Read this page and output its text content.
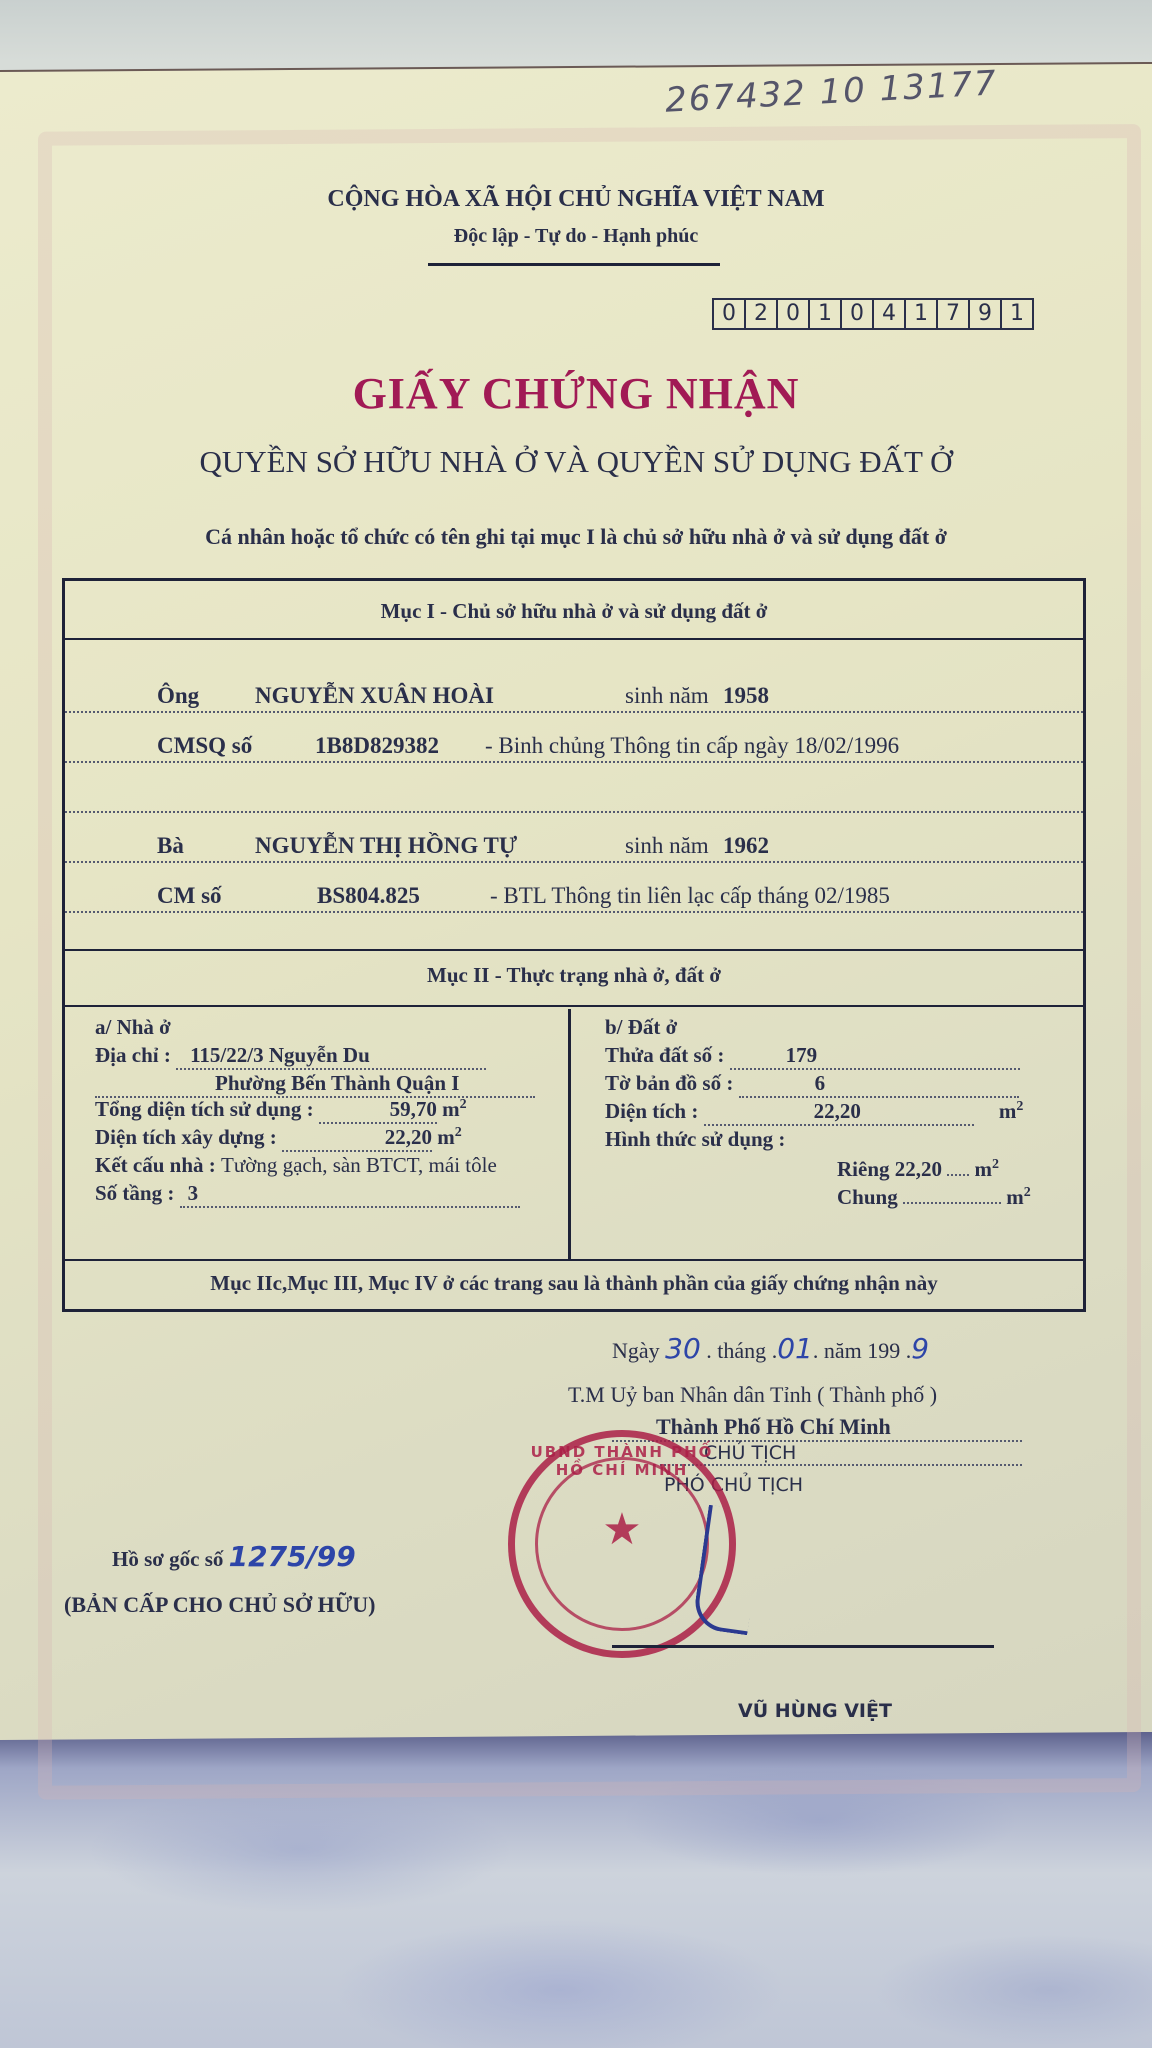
267432 10 13177
CỘNG HÒA XÃ HỘI CHỦ NGHĨA VIỆT NAM
Độc lập - Tự do - Hạnh phúc
0 2 0 1 0 4 1 7 9 1
GIẤY CHỨNG NHẬN
QUYỀN SỞ HỮU NHÀ Ở VÀ QUYỀN SỬ DỤNG ĐẤT Ở
Cá nhân hoặc tổ chức có tên ghi tại mục I là chủ sở hữu nhà ở và sử dụng đất ở
Mục I - Chủ sở hữu nhà ở và sử dụng đất ở
Ông NGUYỄN XUÂN HOÀI	sinh năm 1958
CMSQ số	1B8D829382 - Binh chủng Thông tin cấp ngày 18/02/1996
Bà	NGUYỄN THỊ HỒNG TỰ	sinh năm 1962
CM số	BS804.825	- BTL Thông tin liên lạc cấp tháng 02/1985
Mục II - Thực trạng nhà ở, đất ở
a/ Nhà ở
Địa chỉ : 115/22/3 Nguyễn Du
Phường Bến Thành Quận I
Tổng diện tích sử dụng :	59,70 $m^2$
Diện tích xây dựng :	22,20 $m^2$
Kết cấu nhà : Tường gạch, sàn BTCT, mái tôle
Số tầng : 3
b/ Đất ở
Thửa đất số :	179
Tờ bản đồ số :	6
Diện tích :	22,20	$m^2$
Hình thức sử dụng :
Riêng 22,20 $m^2$
Chung	$m^2$
Mục IIc,Mục III, Mục IV ở các trang sau là thành phần của giấy chứng nhận này
Ngày 30 . tháng .01. năm 199 .9
T.M Uỷ ban Nhân dân Tỉnh ( Thành phố )
Thành Phố Hồ Chí Minh
CHỦ TỊCH
PHÓ CHỦ TỊCH
UBND THÀNH PHỐ HỒ CHÍ MINH
★
VŨ HÙNG VIỆT
Hồ sơ gốc số 1275/99
(BẢN CẤP CHO CHỦ SỞ HỮU)
